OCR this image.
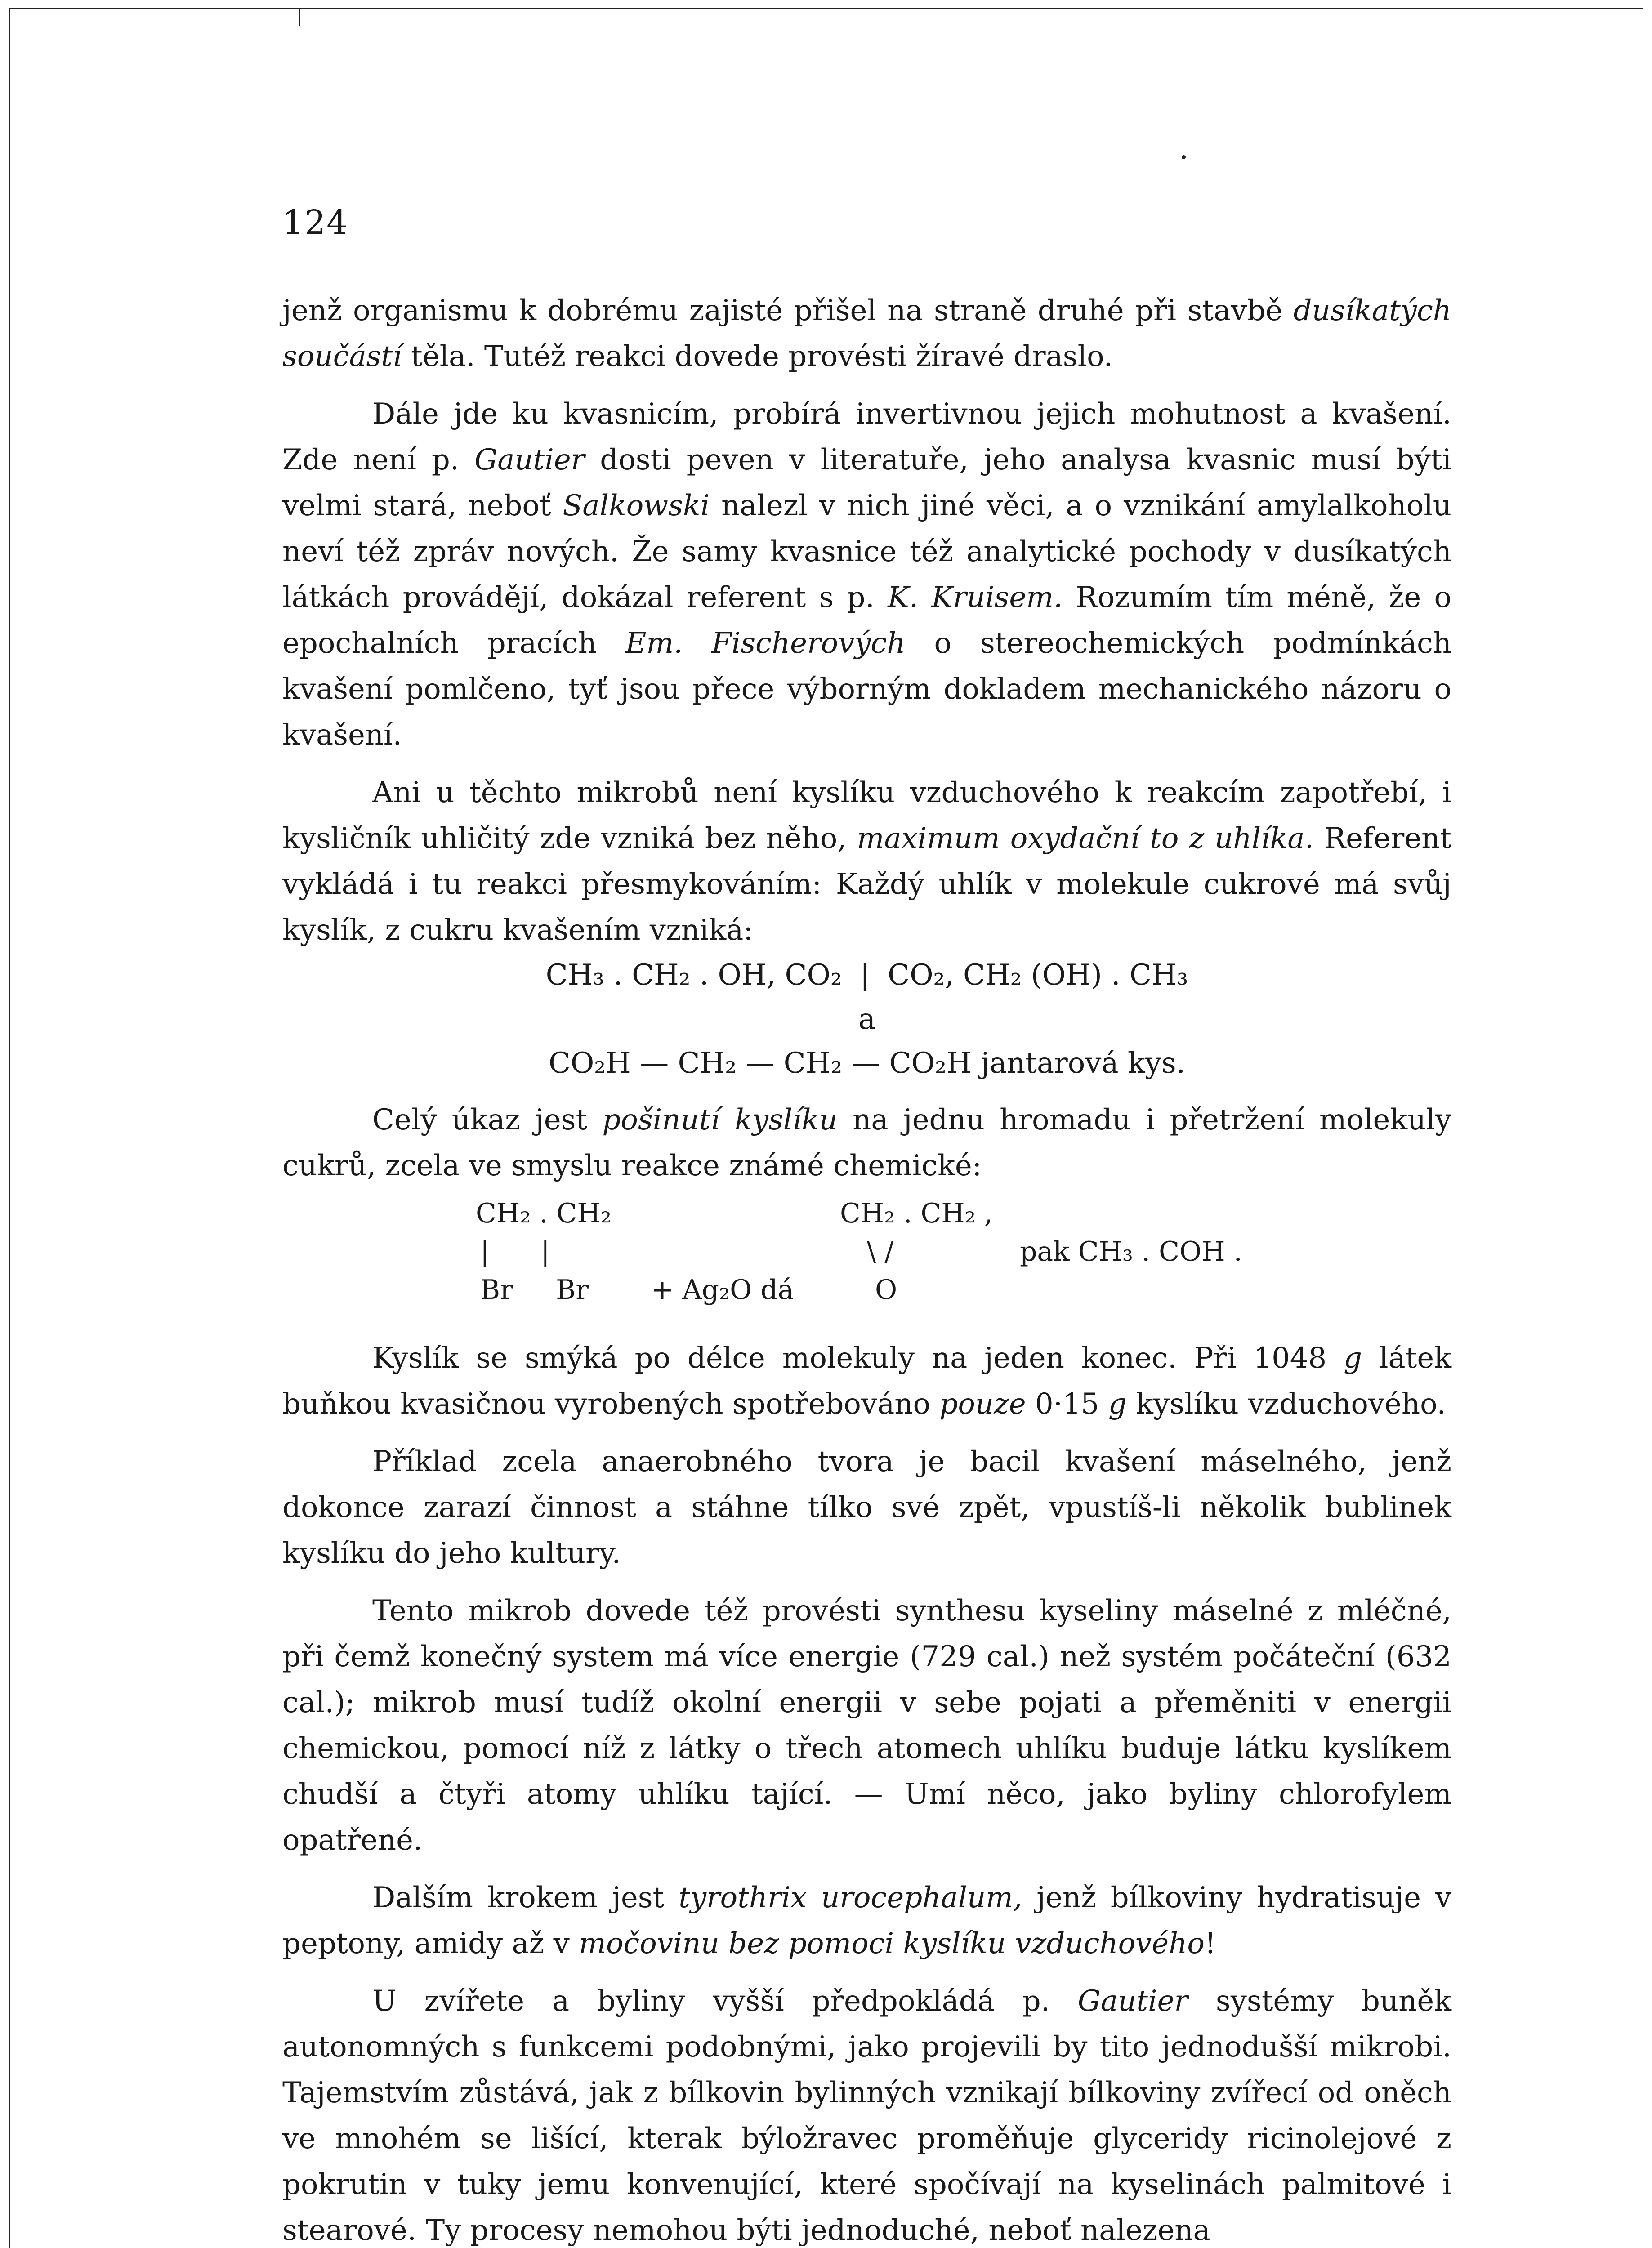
124

jenž organismu k dobrému zajisté přišel na straně druhé při stavbě dusíkatých součástí těla. Tutéž reakci dovede provésti žíravé draslo.

Dále jde ku kvasnicím, probírá invertivnou jejich mohutnost a kvašení. Zde není p. Gautier dosti peven v literatuře, jeho analysa kvasnic musí býti velmi stará, neboť Salkowski nalezl v nich jiné věci, a o vznikání amylalkoholu neví též zpráv nových. Že samy kvasnice též analytické pochody v dusíkatých látkách provádějí, dokázal referent s p. K. Kruisem. Rozumím tím méně, že o epochalních pracích Em. Fischerových o stereochemických podmínkách kvašení pomlčeno, tyť jsou přece výborným dokladem mechanického názoru o kvašení.

Ani u těchto mikrobů není kyslíku vzduchového k reakcím zapotřebí, i kysličník uhličitý zde vzniká bez něho, maximum oxydační to z uhlíka. Referent vykládá i tu reakci přesmykováním: Každý uhlík v molekule cukrové má svůj kyslík, z cukru kvašením vzniká:

CH₃ . CH₂ . OH, CO₂ | CO₂, CH₂ (OH) . CH₃
a
CO₂H — CH₂ — CH₂ — CO₂H jantarová kys.

Celý úkaz jest pošinutí kyslíku na jednu hromadu i přetržení molekuly cukrů, zcela ve smyslu reakce známé chemické:

CH₂ . CH₂
|      |
Br     Br + Ag₂O dá
CH₂ . CH₂ ,
\ /
O
pak CH₃ . COH .

Kyslík se smýká po délce molekuly na jeden konec. Při 1048 g látek buňkou kvasičnou vyrobených spotřebováno pouze 0·15 g kyslíku vzduchového.

Příklad zcela anaerobného tvora je bacil kvašení máselného, jenž dokonce zarazí činnost a stáhne tílko své zpět, vpustíš-li několik bublinek kyslíku do jeho kultury.

Tento mikrob dovede též provésti synthesu kyseliny máselné z mléčné, při čemž konečný system má více energie (729 cal.) než systém počáteční (632 cal.); mikrob musí tudíž okolní energii v sebe pojati a přeměniti v energii chemickou, pomocí níž z látky o třech atomech uhlíku buduje látku kyslíkem chudší a čtyři atomy uhlíku tající. — Umí něco, jako byliny chlorofylem opatřené.

Dalším krokem jest tyrothrix urocephalum, jenž bílkoviny hydratisuje v peptony, amidy až v močovinu bez pomoci kyslíku vzduchového!

U zvířete a byliny vyšší předpokládá p. Gautier systémy buněk autonomných s funkcemi podobnými, jako projevili by tito jednodušší mikrobi. Tajemstvím zůstává, jak z bílkovin bylinných vznikají bílkoviny zvířecí od oněch ve mnohém se lišící, kterak býložravec proměňuje glyceridy ricinolejové z pokrutin v tuky jemu konvenující, které spočívají na kyselinách palmitové i stearové. Ty procesy nemohou býti jednoduché, neboť nalezena
